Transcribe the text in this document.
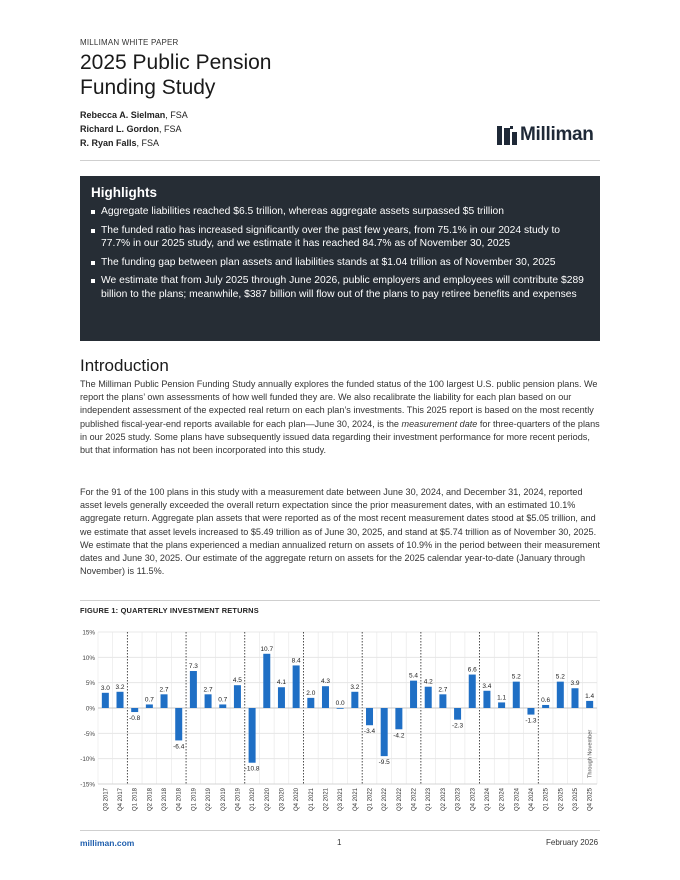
MILLIMAN WHITE PAPER
2025 Public Pension
Funding Study
Rebecca A. Sielman, FSA
Richard L. Gordon, FSA
R. Ryan Falls, FSA	Milliman
Highlights
Aggregate liabilities reached $6.5 trillion, whereas aggregate assets surpassed $5 trillion
The funded ratio has increased significantly over the past few years, from 75.1% in our 2024 study to 77.7% in our 2025 study, and we estimate it has reached 84.7% as of November 30, 2025
The funding gap between plan assets and liabilities stands at $1.04 trillion as of November 30, 2025
We estimate that from July 2025 through June 2026, public employers and employees will contribute $289 billion to the plans; meanwhile, $387 billion will flow out of the plans to pay retiree benefits and expenses
Introduction

The Milliman Public Pension Funding Study annually explores the funded status of the 100 largest U.S. public pension plans. We report the plans’ own assessments of how well funded they are. We also recalibrate the liability for each plan based on our independent assessment of the expected real return on each plan’s investments. This 2025 report is based on the most recently published fiscal-year-end reports available for each plan—June 30, 2024, is the measurement date for three-quarters of the plans in our 2025 study. Some plans have subsequently issued data regarding their investment performance for more recent periods, but that information has not been incorporated into this study.

For the 91 of the 100 plans in this study with a measurement date between June 30, 2024, and December 31, 2024, reported asset levels generally exceeded the overall return expectation since the prior measurement dates, with an estimated 10.1% aggregate return. Aggregate plan assets that were reported as of the most recent measurement dates stood at $5.05 trillion, and we estimate that asset levels increased to $5.49 trillion as of June 30, 2025, and stand at $5.74 trillion as of November 30, 2025. We estimate that the plans experienced a median annualized return on assets of 10.9% in the period between their measurement dates and June 30, 2025. Our estimate of the aggregate return on assets for the 2025 calendar year-to-date (January through November) is 11.5%.

FIGURE 1: QUARTERLY INVESTMENT RETURNS
15%
10%
5%
0%
-5%
-10%
-15%
3.0
Q3 2017
3.2
Q4 2017
-0.8
Q1 2018
0.7
Q2 2018
2.7
Q3 2018
-6.4
Q4 2018
7.3
Q1 2019
2.7
Q2 2019
0.7
Q3 2019
4.5
Q4 2019
-10.8
Q1 2020
10.7
Q2 2020
4.1
Q3 2020
8.4
Q4 2020
2.0
Q1 2021
4.3
Q2 2021
0.0
Q3 2021
3.2
Q4 2021
-3.4
Q1 2022
-9.5
Q2 2022
-4.2
Q3 2022
5.4
Q4 2022
4.2
Q1 2023
2.7
Q2 2023
-2.3
Q3 2023
6.6
Q4 2023
3.4
Q1 2024
1.1
Q2 2024
5.2
Q3 2024
-1.3
Q4 2024
0.6
Q1 2025
5.2
Q2 2025
3.9
Q3 2025
1.4
Q4 2025
Through November
milliman.com	1	February 2026
